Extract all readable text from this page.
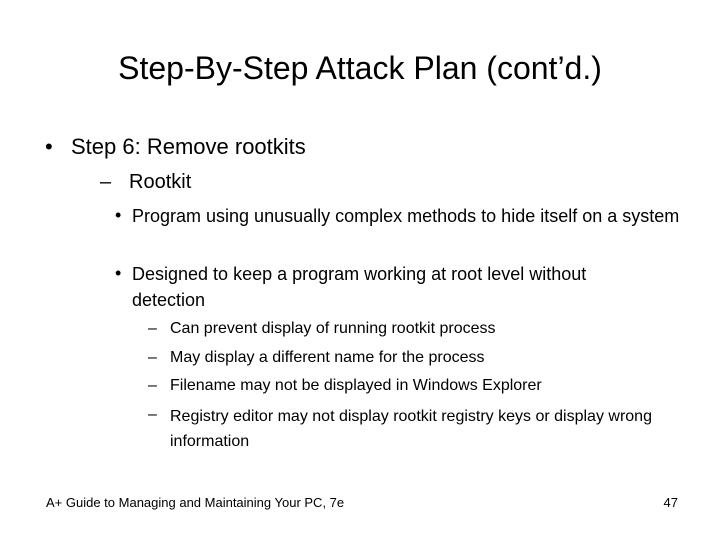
Step-By-Step Attack Plan (cont’d.)
• Step 6: Remove rootkits
– Rootkit
• Program using unusually complex methods to hide itself on a system
• Designed to keep a program working at root level without detection
– Can prevent display of running rootkit process
– May display a different name for the process
– Filename may not be displayed in Windows Explorer
– Registry editor may not display rootkit registry keys or display wrong information
A+ Guide to Managing and Maintaining Your PC, 7e	47
